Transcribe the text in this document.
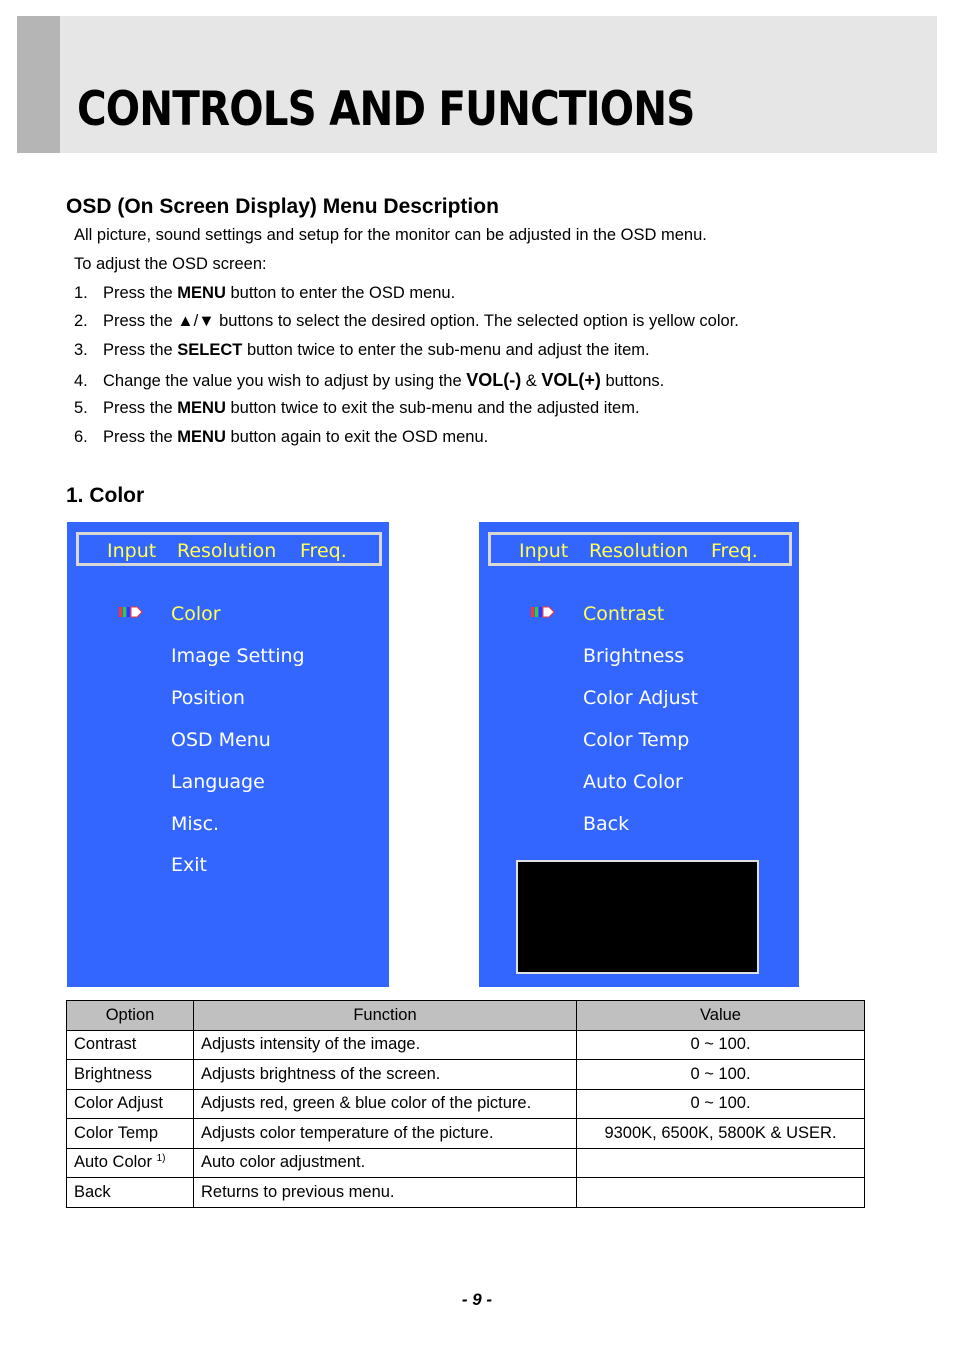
CONTROLS AND FUNCTIONS
OSD (On Screen Display) Menu Description
All picture, sound settings and setup for the monitor can be adjusted in the OSD menu.
To adjust the OSD screen:
1. Press the MENU button to enter the OSD menu.
2. Press the ▲/▼ buttons to select the desired option. The selected option is yellow color.
3. Press the SELECT button twice to enter the sub-menu and adjust the item.
4. Change the value you wish to adjust by using the VOL(-) & VOL(+) buttons.
5. Press the MENU button twice to exit the sub-menu and the adjusted item.
6. Press the MENU button again to exit the OSD menu.
1. Color
Input Resolution Freq.
Color
Image Setting
Position
OSD Menu
Language
Misc.
Exit
Input Resolution Freq.
Contrast
Brightness
Color Adjust
Color Temp
Auto Color
Back
Option	Function	Value
Contrast	Adjusts intensity of the image.	0 ~ 100.
Brightness	Adjusts brightness of the screen.	0 ~ 100.
Color Adjust	Adjusts red, green & blue color of the picture.	0 ~ 100.
Color Temp	Adjusts color temperature of the picture.	9300K, 6500K, 5800K & USER.
Auto Color $^{1)}$	Auto color adjustment.	
Back	Returns to previous menu.	
- 9 -
